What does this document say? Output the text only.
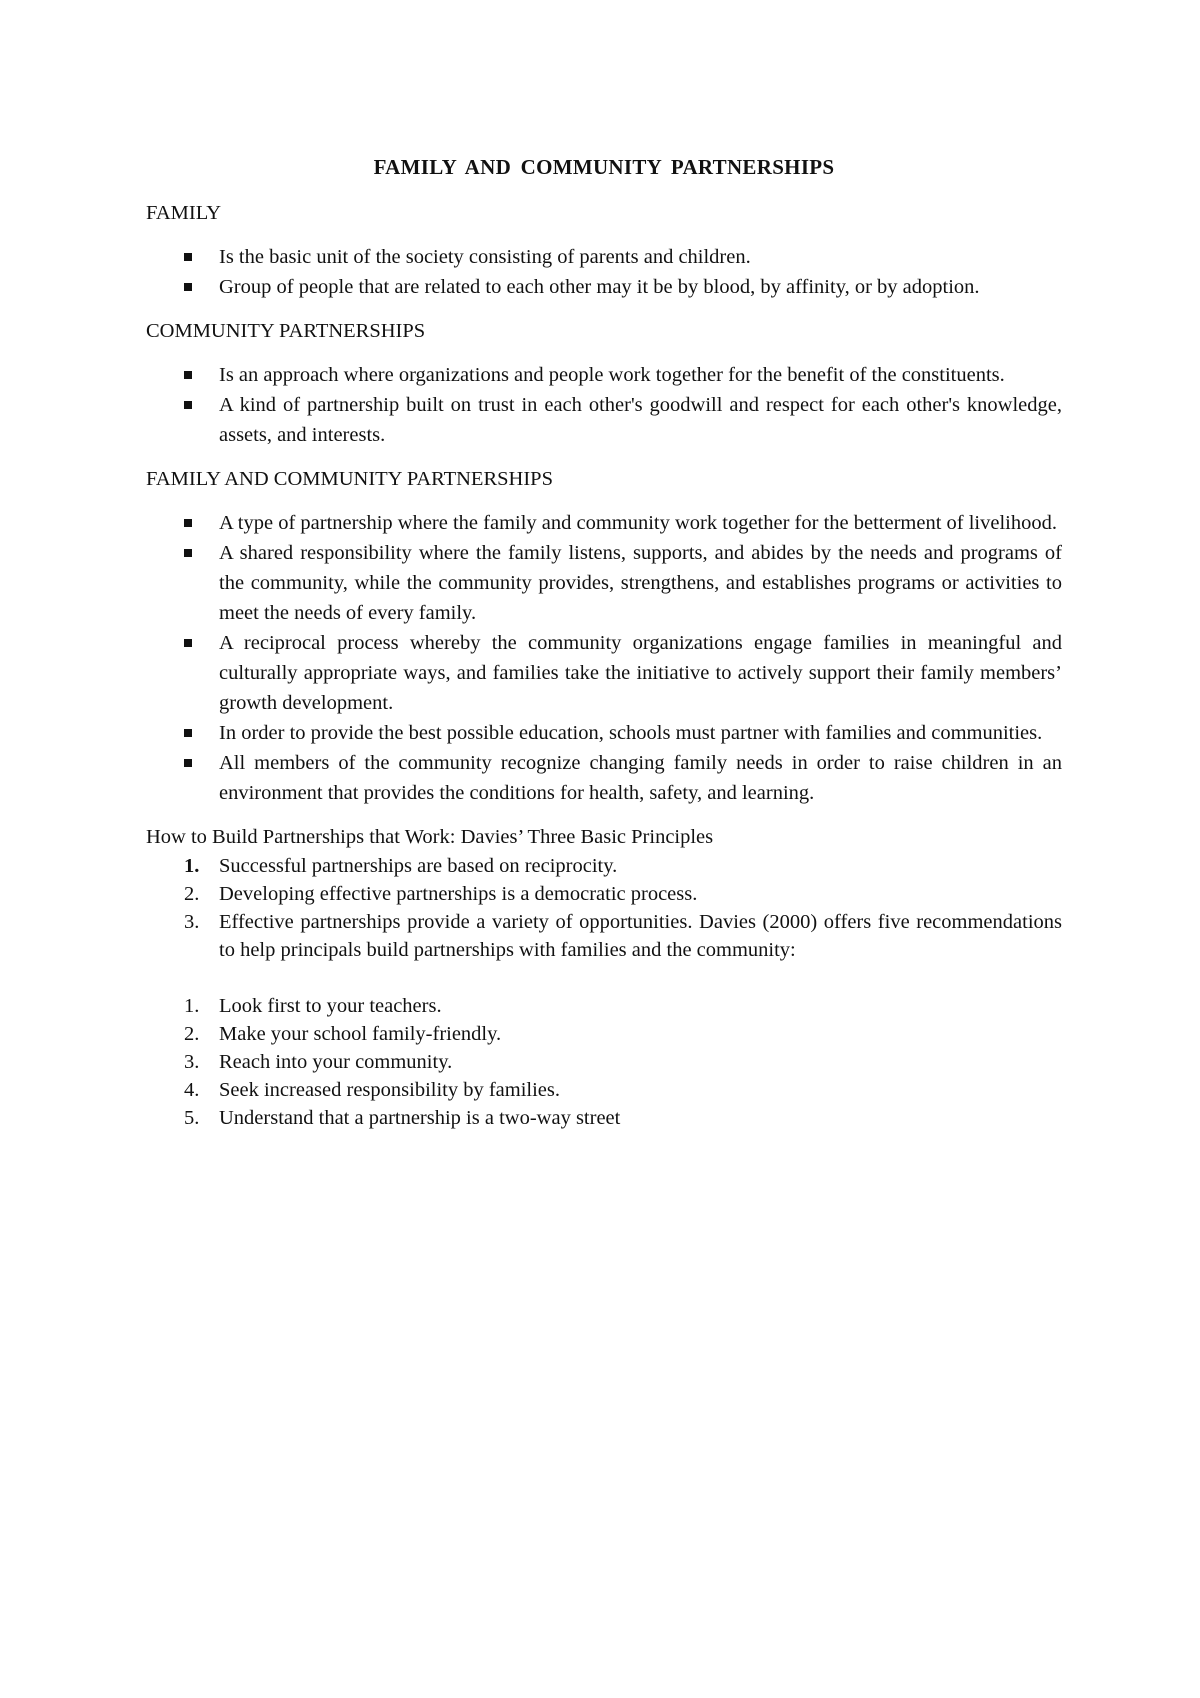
FAMILY AND COMMUNITY PARTNERSHIPS
FAMILY
Is the basic unit of the society consisting of parents and children.
Group of people that are related to each other may it be by blood, by affinity, or by adoption.
COMMUNITY PARTNERSHIPS
Is an approach where organizations and people work together for the benefit of the constituents.
A kind of partnership built on trust in each other's goodwill and respect for each other's knowledge, assets, and interests.
FAMILY AND COMMUNITY PARTNERSHIPS
A type of partnership where the family and community work together for the betterment of livelihood.
A shared responsibility where the family listens, supports, and abides by the needs and programs of the community, while the community provides, strengthens, and establishes programs or activities to meet the needs of every family.
A reciprocal process whereby the community organizations engage families in meaningful and culturally appropriate ways, and families take the initiative to actively support their family members’ growth development.
In order to provide the best possible education, schools must partner with families and communities.
All members of the community recognize changing family needs in order to raise children in an environment that provides the conditions for health, safety, and learning.

How to Build Partnerships that Work: Davies’ Three Basic Principles

1. Successful partnerships are based on reciprocity.
2. Developing effective partnerships is a democratic process.
3. Effective partnerships provide a variety of opportunities. Davies (2000) offers five recommendations to help principals build partnerships with families and the community:
1. Look first to your teachers.
2. Make your school family-friendly.
3. Reach into your community.
4. Seek increased responsibility by families.
5. Understand that a partnership is a two-way street
